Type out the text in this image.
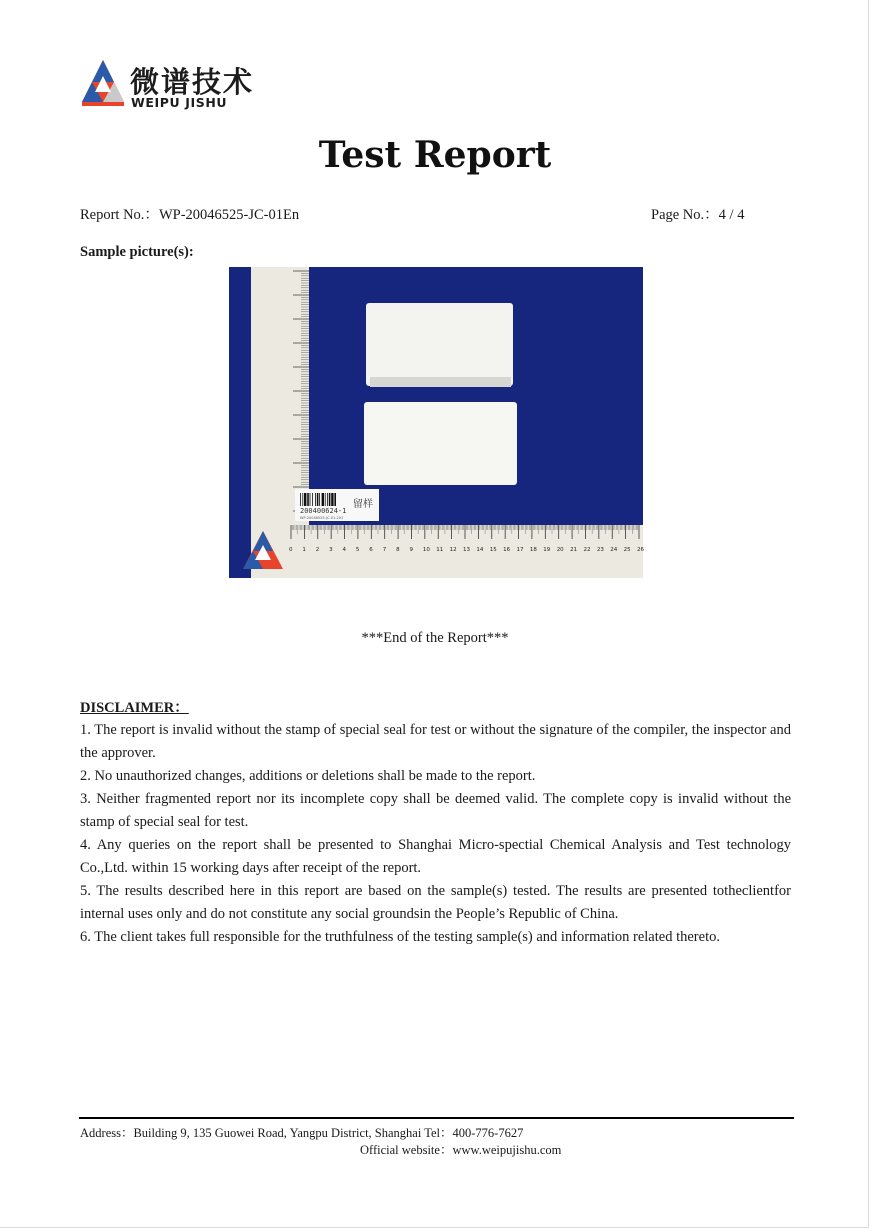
微谱技术
WEIPU JISHU
Test Report
Report No.：WP-20046525-JC-01En	Page No.：4 / 4
Sample picture(s):
0 1 2 3 4 5 6 7 8 9 10 11 12 13 14 15 16 17 18 19 20 21 22 23 24 25 26
200400624-1
WP-20046525-JC-01-201
留样
***End of the Report***
DISCLAIMER：
1. The report is invalid without the stamp of special seal for test or without the signature of the compiler, the inspector and the approver.
2. No unauthorized changes, additions or deletions shall be made to the report.
3. Neither fragmented report nor its incomplete copy shall be deemed valid. The complete copy is invalid without the stamp of special seal for test.
4. Any queries on the report shall be presented to Shanghai Micro-spectial Chemical Analysis and Test technology Co.,Ltd. within 15 working days after receipt of the report.
5. The results described here in this report are based on the sample(s) tested. The results are presented totheclientfor internal uses only and do not constitute any social groundsin the People’s Republic of China.
6. The client takes full responsible for the truthfulness of the testing sample(s) and information related thereto.
Address：Building 9, 135 Guowei Road, Yangpu District, Shanghai Tel：400-776-7627
Official website：www.weipujishu.com
